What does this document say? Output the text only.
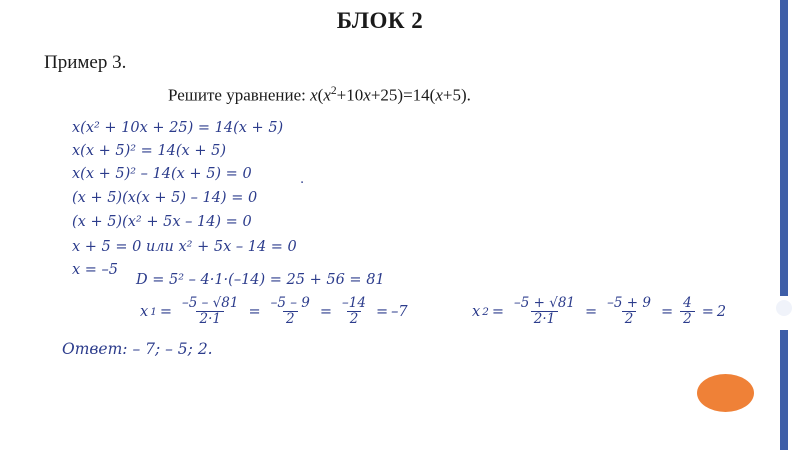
БЛОК 2
Пример 3.
Решите уравнение: $x(x^2+10x+25)=14(x+5)$.
x(x² + 10x + 25) = 14(x + 5)
x(x + 5)² = 14(x + 5)
x(x + 5)² – 14(x + 5) = 0
(x + 5)(x(x + 5) – 14) = 0
(x + 5)(x² + 5x – 14) = 0
x + 5 = 0 или x² + 5x – 14 = 0
x = –5
D = 5² – 4·1·(–14) = 25 + 56 = 81
.
x $1 = \frac{-5 - √81}{2\cdot 1} = \frac{-5 - 9}{2} = \frac{-14}{2} = -7$	x $2 = \frac{-5 + √81}{2\cdot 1} = \frac{-5 + 9}{2} = \frac{4}{2} = 2$
Ответ: – 7; – 5; 2.
